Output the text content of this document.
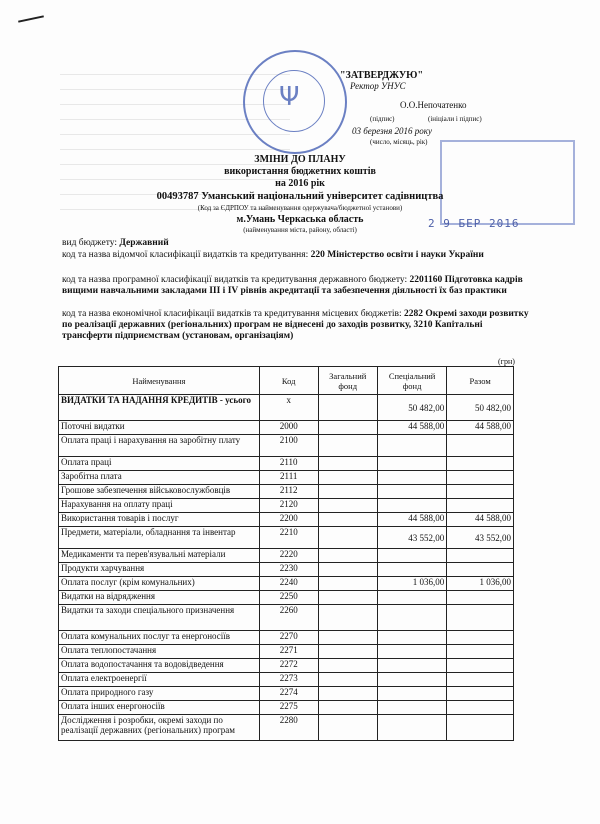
Ψ
2 9 БЕР 2016
"ЗАТВЕРДЖУЮ"
Ректор УНУС
О.О.Непочатенко
(підпис)	(ініціали і підпис)
03 березня 2016 року
(число, місяць, рік)
ЗМІНИ ДО ПЛАНУ
використання бюджетних коштів
на 2016 рік
00493787 Уманський національний університет садівництва
(Код за ЄДРПОУ та найменування одержувача/бюджетної установи)
м.Умань Черкаська область
(найменування міста, району, області)
вид бюджету: Державний
код та назва відомчої класифікації видатків та кредитування: 220 Міністерство освіти і науки України
код та назва програмної класифікації видатків та кредитування державного бюджету: 2201160 Підготовка кадрів вищими навчальними закладами ІІІ і ІV рівнів акредитації та забезпечення діяльності їх баз практики
код та назва економічної класифікації видатків та кредитування місцевих бюджетів: 2282 Окремі заходи розвитку по реалізації державних (регіональних) програм не віднесені до заходів розвитку, 3210 Капітальні трансферти підприємствам (установам, організаціям)
(грн)
Найменування	Код	Загальний фонд	Спеціальний фонд	Разом
ВИДАТКИ ТА НАДАННЯ КРЕДИТІВ - усього	x		50 482,00	50 482,00
Поточні видатки	2000		44 588,00	44 588,00
Оплата праці і нарахування на заробітну плату	2100			
Оплата праці	2110			
Заробітна плата	2111			
Грошове забезпечення військовослужбовців	2112			
Нарахування на оплату праці	2120			
Використання товарів і послуг	2200		44 588,00	44 588,00
Предмети, матеріали, обладнання та інвентар	2210		43 552,00	43 552,00
Медикаменти та перев'язувальні матеріали	2220			
Продукти харчування	2230			
Оплата послуг (крім комунальних)	2240		1 036,00	1 036,00
Видатки на відрядження	2250			
Видатки та заходи спеціального призначення	2260			
Оплата комунальних послуг та енергоносіїв	2270			
Оплата теплопостачання	2271			
Оплата водопостачання та водовідведення	2272			
Оплата електроенергії	2273			
Оплата природного газу	2274			
Оплата інших енергоносіїв	2275			
Дослідження і розробки, окремі заходи по реалізації державних (регіональних) програм	2280			
